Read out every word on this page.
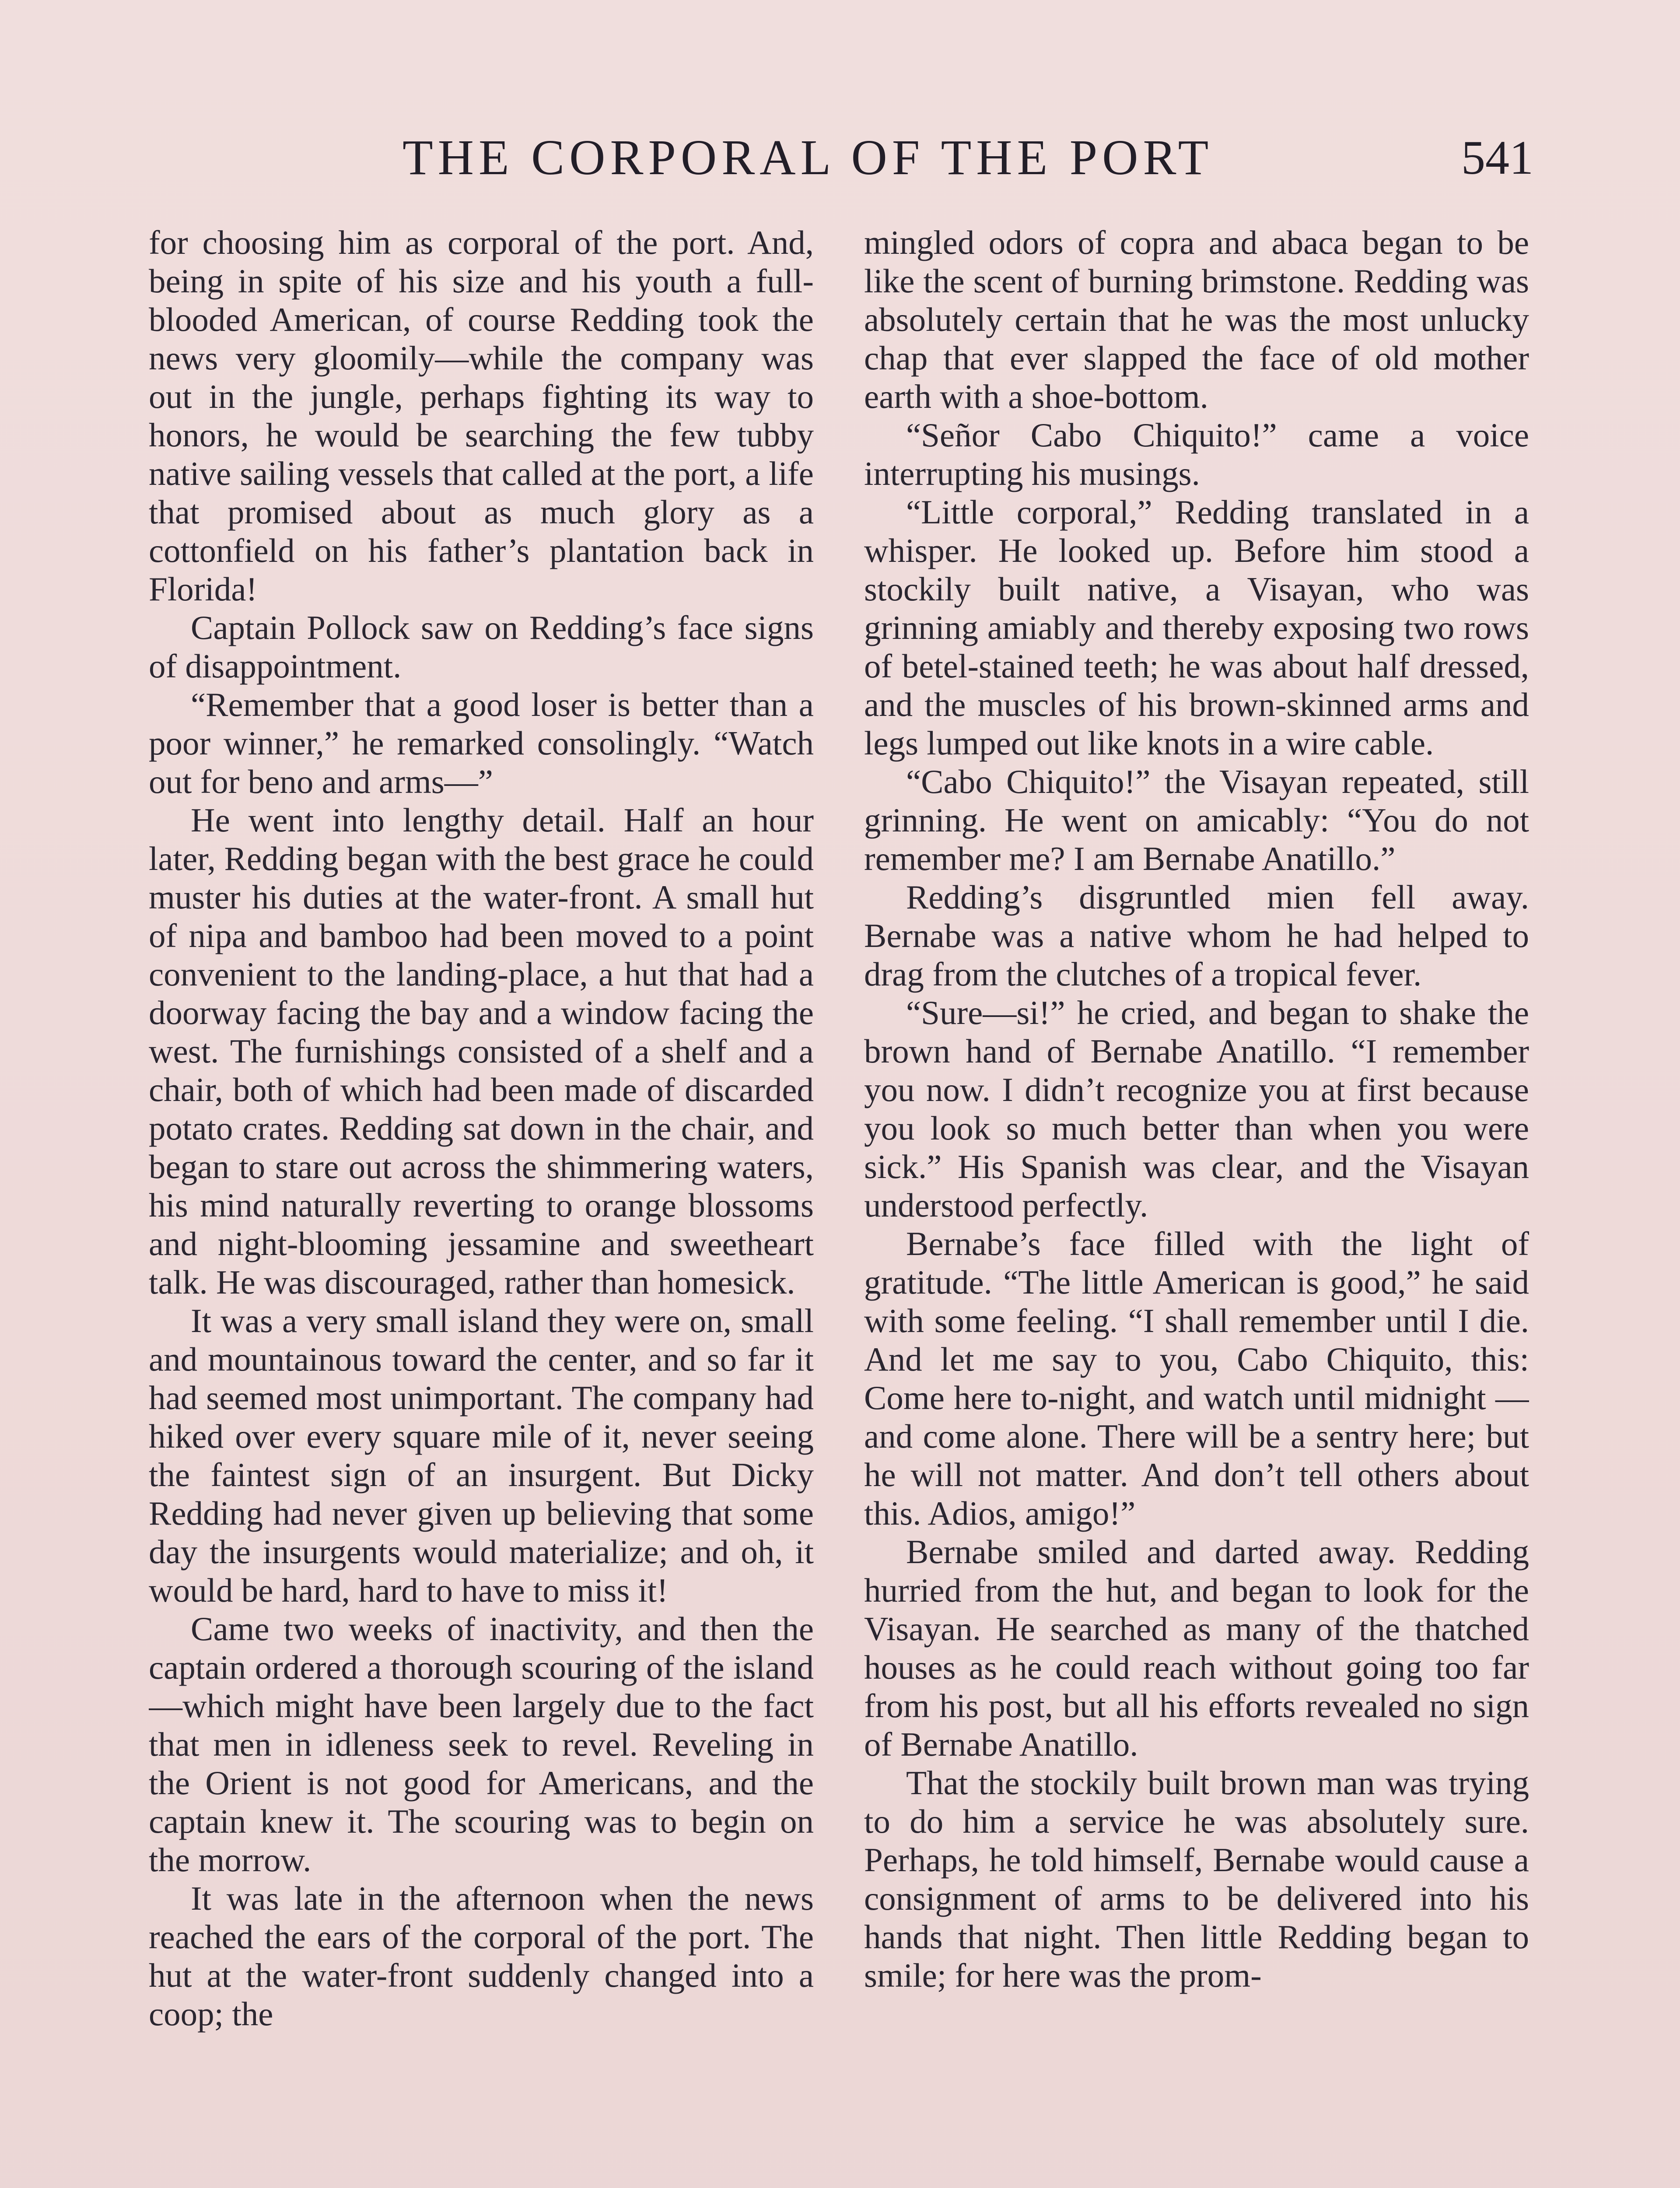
THE CORPORAL OF THE PORT	541

for choosing him as corporal of the port. And, being in spite of his size and his youth a full-blooded American, of course Redding took the news very gloomily—while the company was out in the jungle, perhaps fighting its way to honors, he would be searching the few tubby native sailing vessels that called at the port, a life that promised about as much glory as a cottonfield on his father’s plantation back in Florida!

Captain Pollock saw on Redding’s face signs of disappointment.

“Remember that a good loser is better than a poor winner,” he remarked consolingly. “Watch out for beno and arms—”

He went into lengthy detail. Half an hour later, Redding began with the best grace he could muster his duties at the water-front. A small hut of nipa and bamboo had been moved to a point convenient to the landing-place, a hut that had a doorway facing the bay and a window facing the west. The furnishings consisted of a shelf and a chair, both of which had been made of discarded potato crates. Redding sat down in the chair, and began to stare out across the shimmering waters, his mind naturally reverting to orange blossoms and night-blooming jessamine and sweetheart talk. He was discouraged, rather than homesick.

It was a very small island they were on, small and mountainous toward the center, and so far it had seemed most unimportant. The company had hiked over every square mile of it, never seeing the faintest sign of an insurgent. But Dicky Redding had never given up believing that some day the insurgents would materialize; and oh, it would be hard, hard to have to miss it!

Came two weeks of inactivity, and then the captain ordered a thorough scouring of the island—which might have been largely due to the fact that men in idleness seek to revel. Reveling in the Orient is not good for Americans, and the captain knew it. The scouring was to begin on the morrow.

It was late in the afternoon when the news reached the ears of the corporal of the port. The hut at the water-front suddenly changed into a coop; the

mingled odors of copra and abaca began to be like the scent of burning brimstone. Redding was absolutely certain that he was the most unlucky chap that ever slapped the face of old mother earth with a shoe-bottom.

“Señor Cabo Chiquito!” came a voice interrupting his musings.

“Little corporal,” Redding translated in a whisper. He looked up. Before him stood a stockily built native, a Visayan, who was grinning amiably and thereby exposing two rows of betel-stained teeth; he was about half dressed, and the muscles of his brown-skinned arms and legs lumped out like knots in a wire cable.

“Cabo Chiquito!” the Visayan repeated, still grinning. He went on amicably: “You do not remember me? I am Bernabe Anatillo.”

Redding’s disgruntled mien fell away. Bernabe was a native whom he had helped to drag from the clutches of a tropical fever.

“Sure—si!” he cried, and began to shake the brown hand of Bernabe Anatillo. “I remember you now. I didn’t recognize you at first because you look so much better than when you were sick.” His Spanish was clear, and the Visayan understood perfectly.

Bernabe’s face filled with the light of gratitude. “The little American is good,” he said with some feeling. “I shall remember until I die. And let me say to you, Cabo Chiquito, this: Come here to-night, and watch until midnight —and come alone. There will be a sentry here; but he will not matter. And don’t tell others about this. Adios, amigo!”

Bernabe smiled and darted away. Redding hurried from the hut, and began to look for the Visayan. He searched as many of the thatched houses as he could reach without going too far from his post, but all his efforts revealed no sign of Bernabe Anatillo.

That the stockily built brown man was trying to do him a service he was absolutely sure. Perhaps, he told himself, Bernabe would cause a consignment of arms to be delivered into his hands that night. Then little Redding began to smile; for here was the prom-
